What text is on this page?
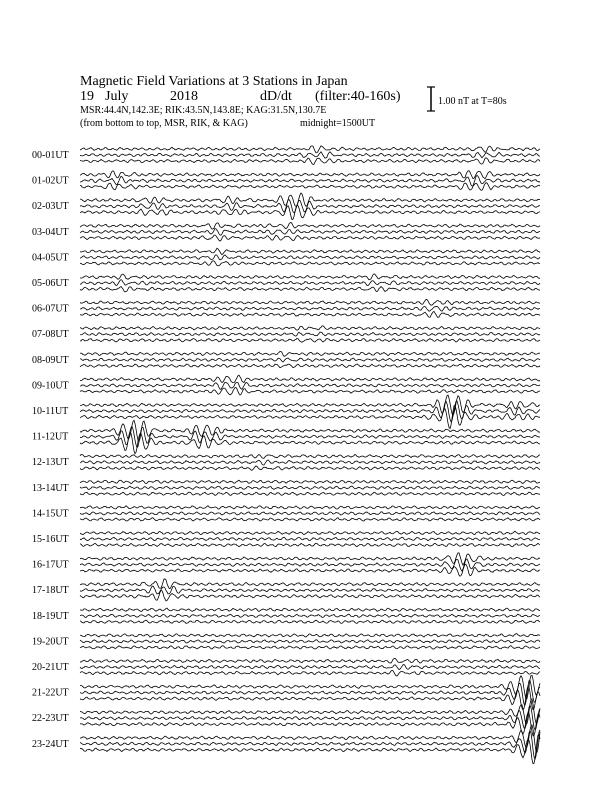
Magnetic Field Variations at 3 Stations in Japan
19 July	2018	dD/dt (filter:40-160s)
MSR:44.4N,142.3E; RIK:43.5N,143.8E; KAG:31.5N,130.7E
(from bottom to top, MSR, RIK, & KAG)	midnight=1500UT
1.00 nT at T=80s
00-01UT
01-02UT
02-03UT
03-04UT
04-05UT
05-06UT
06-07UT
07-08UT
08-09UT
09-10UT
10-11UT
11-12UT
12-13UT
13-14UT
14-15UT
15-16UT
16-17UT
17-18UT
18-19UT
19-20UT
20-21UT
21-22UT
22-23UT
23-24UT
